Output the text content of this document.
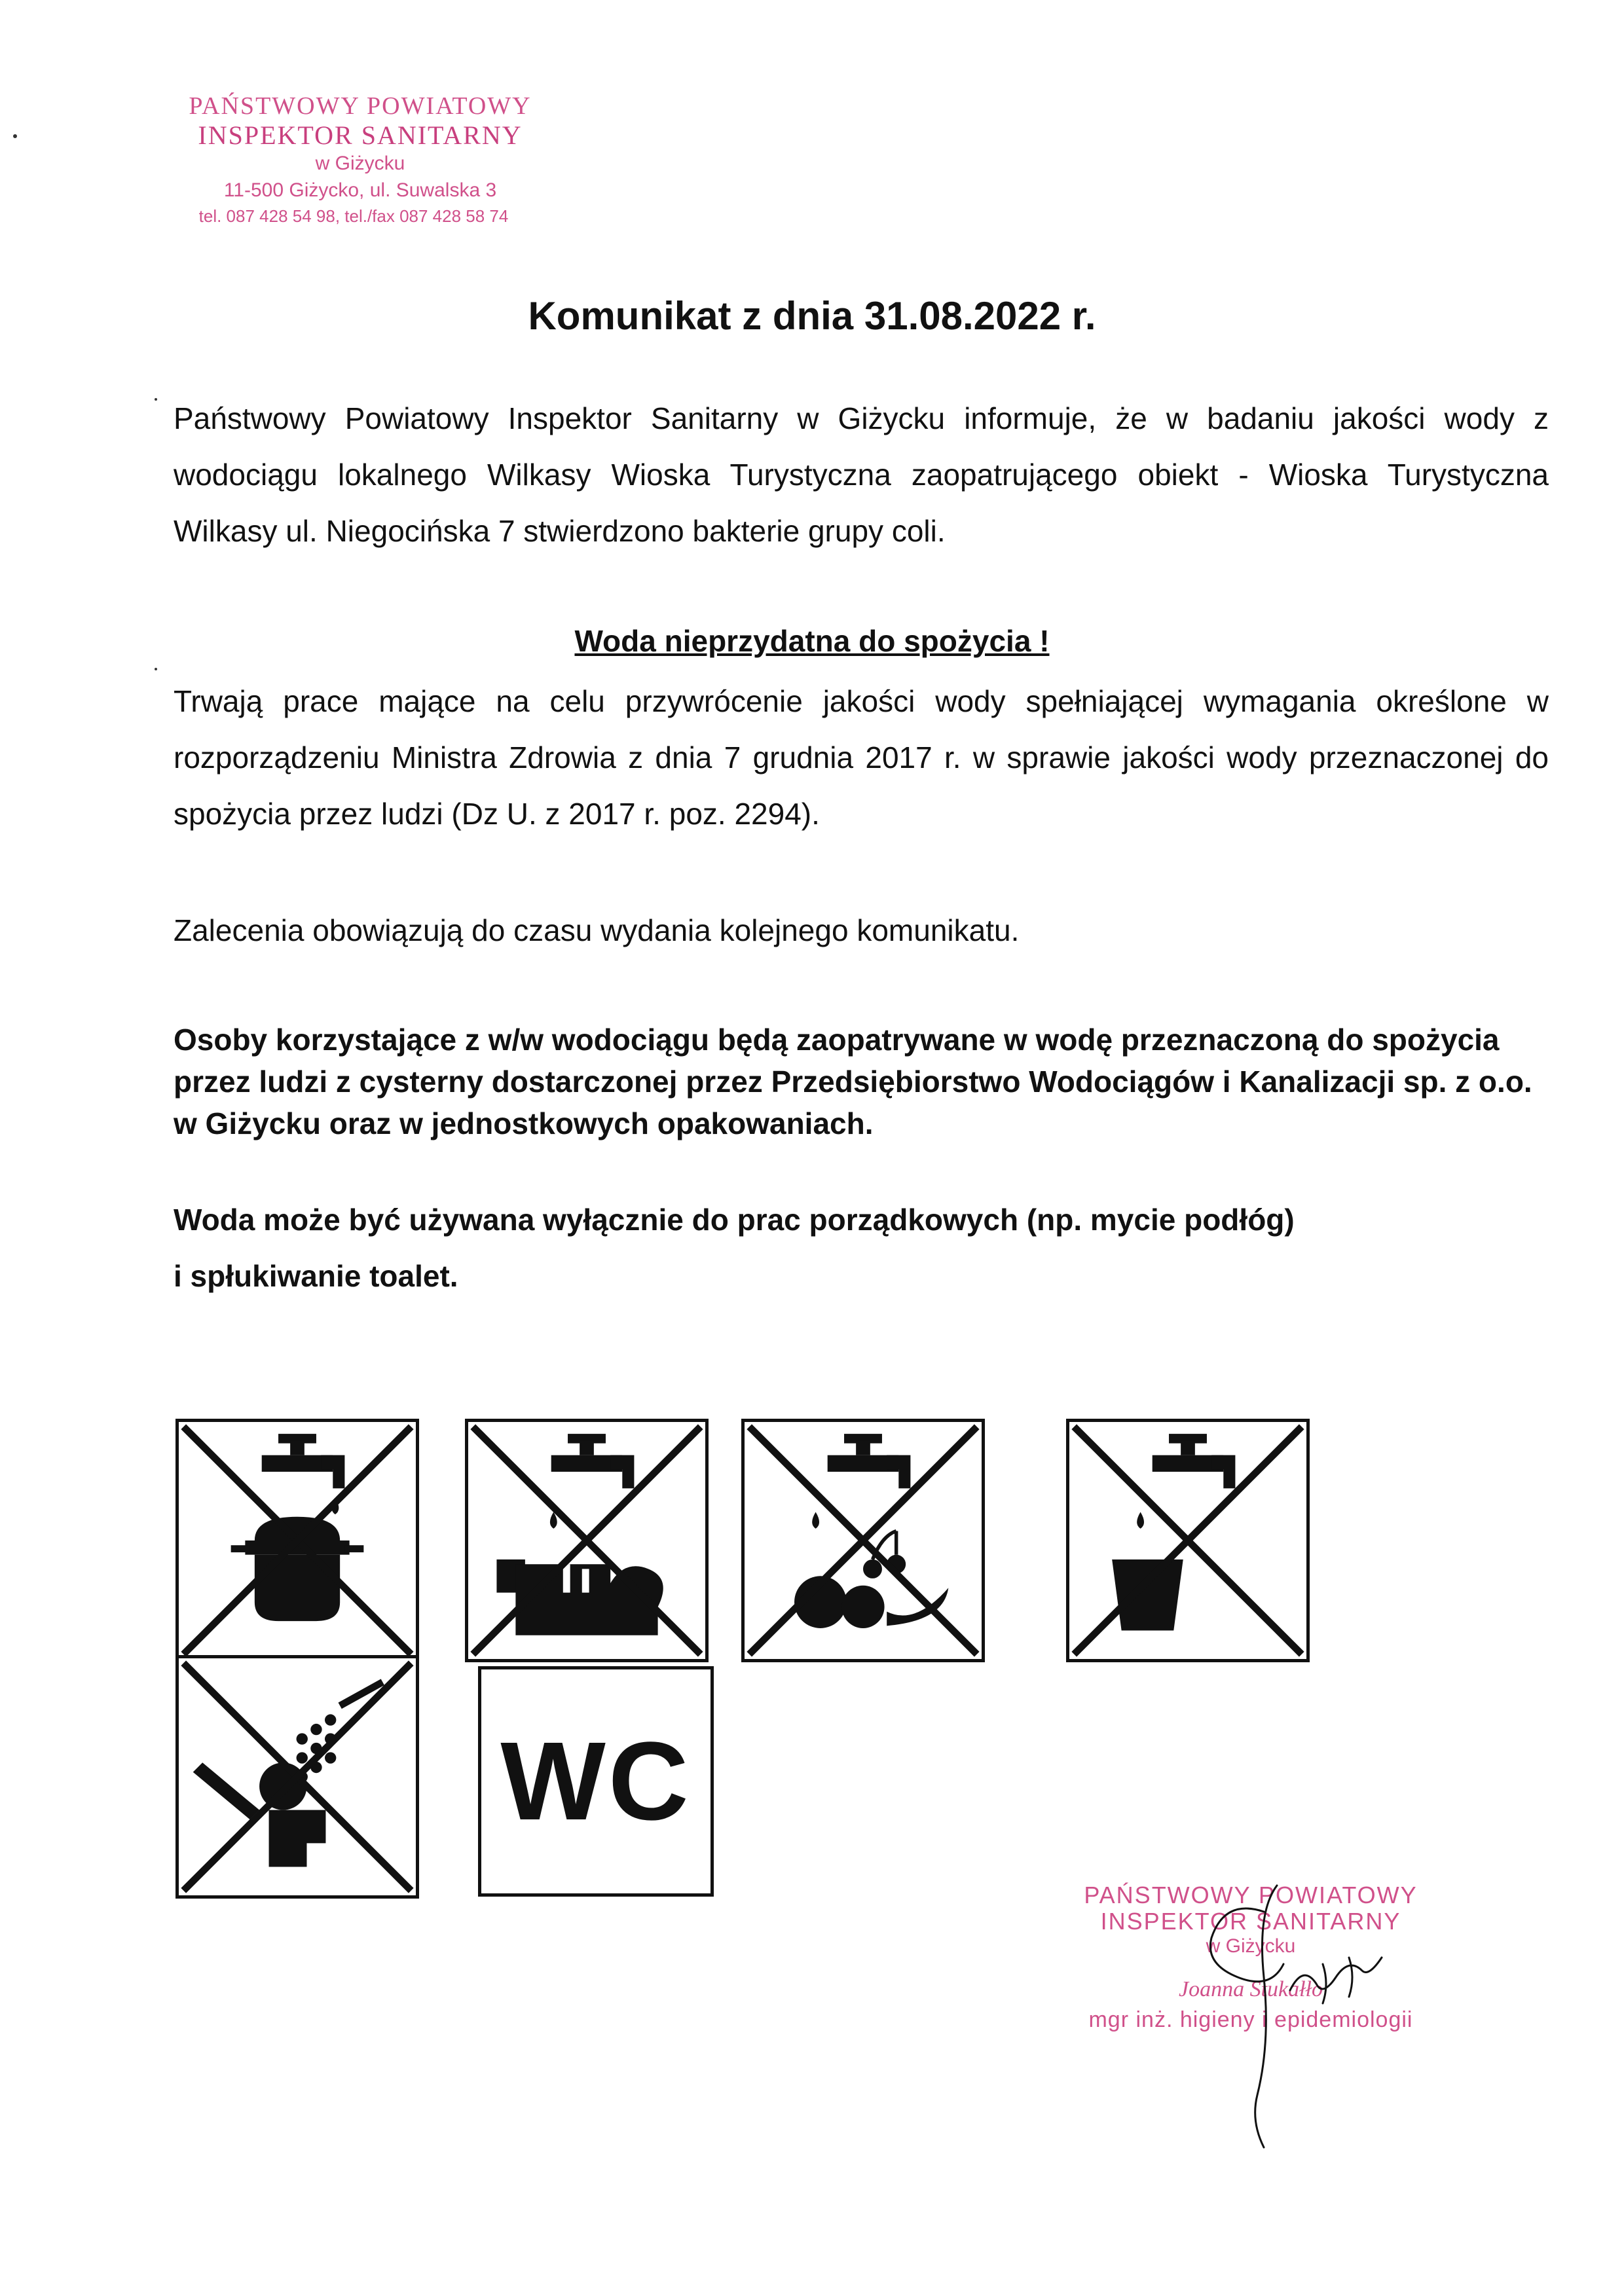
PAŃSTWOWY POWIATOWY
INSPEKTOR SANITARNY
w Giżycku
11-500 Giżycko, ul. Suwalska 3
tel. 087 428 54 98, tel./fax 087 428 58 74
Komunikat z dnia 31.08.2022 r.
Państwowy Powiatowy Inspektor Sanitarny w Giżycku informuje, że w badaniu jakości wody z wodociągu lokalnego Wilkasy Wioska Turystyczna zaopatrującego obiekt - Wioska Turystyczna Wilkasy ul. Niegocińska 7 stwierdzono bakterie grupy coli.
Woda nieprzydatna do spożycia !
Trwają prace mające na celu przywrócenie jakości wody spełniającej wymagania określone w rozporządzeniu Ministra Zdrowia z dnia 7 grudnia 2017 r. w sprawie jakości wody przeznaczonej do spożycia przez ludzi (Dz U. z 2017 r. poz. 2294).
Zalecenia obowiązują do czasu wydania kolejnego komunikatu.
Osoby korzystające z w/w wodociągu będą zaopatrywane w wodę przeznaczoną do spożycia przez ludzi z cysterny dostarczonej przez Przedsiębiorstwo Wodociągów i Kanalizacji sp. z o.o. w Giżycku oraz w jednostkowych opakowaniach.
Woda może być używana wyłącznie do prac porządkowych (np. mycie podłóg)
i spłukiwanie toalet.
WC
PAŃSTWOWY POWIATOWY
INSPEKTOR SANITARNY
w Giżycku
Joanna Stukałło
mgr inż. higieny i epidemiologii
